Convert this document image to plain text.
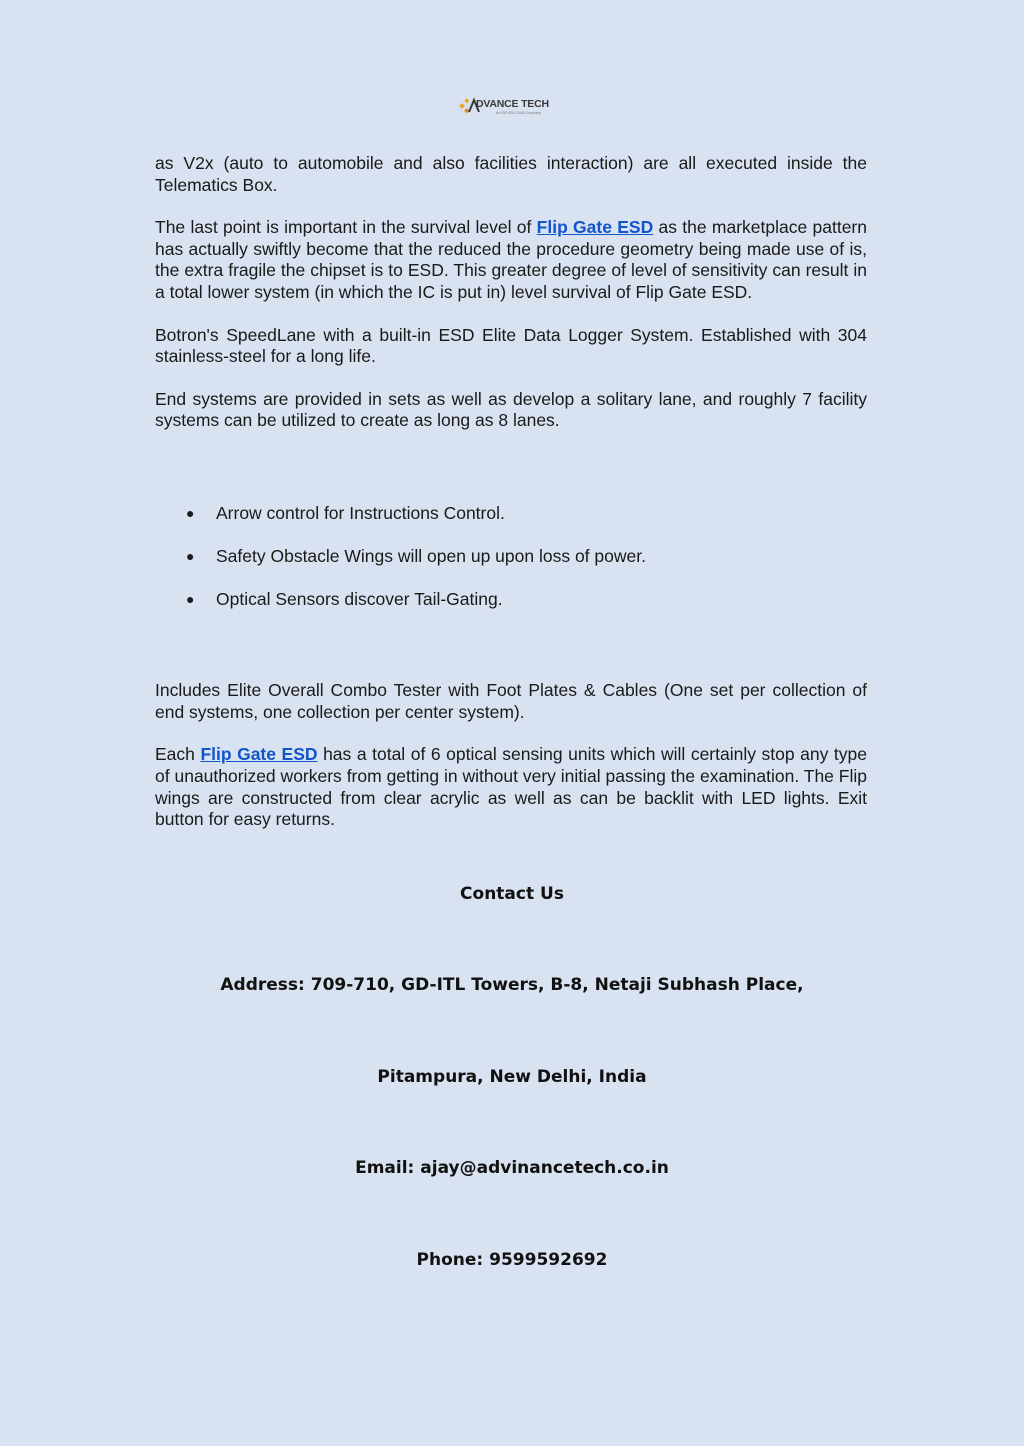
DVANCE TECH
An ISO 9001:2008 Company

as V2x (auto to automobile and also facilities interaction) are all executed inside the Telematics Box.

The last point is important in the survival level of Flip Gate ESD as the marketplace pattern has actually swiftly become that the reduced the procedure geometry being made use of is, the extra fragile the chipset is to ESD. This greater degree of level of sensitivity can result in a total lower system (in which the IC is put in) level survival of Flip Gate ESD.

Botron's SpeedLane with a built-in ESD Elite Data Logger System. Established with 304 stainless-steel for a long life.

End systems are provided in sets as well as develop a solitary lane, and roughly 7 facility systems can be utilized to create as long as 8 lanes.

● Arrow control for Instructions Control.
● Safety Obstacle Wings will open up upon loss of power.
● Optical Sensors discover Tail-Gating.

Includes Elite Overall Combo Tester with Foot Plates & Cables (One set per collection of end systems, one collection per center system).

Each Flip Gate ESD has a total of 6 optical sensing units which will certainly stop any type of unauthorized workers from getting in without very initial passing the examination. The Flip wings are constructed from clear acrylic as well as can be backlit with LED lights. Exit button for easy returns.

Contact Us
Address: 709-710, GD-ITL Towers, B-8, Netaji Subhash Place,
Pitampura, New Delhi, India
Email: ajay@advinancetech.co.in
Phone: 9599592692
